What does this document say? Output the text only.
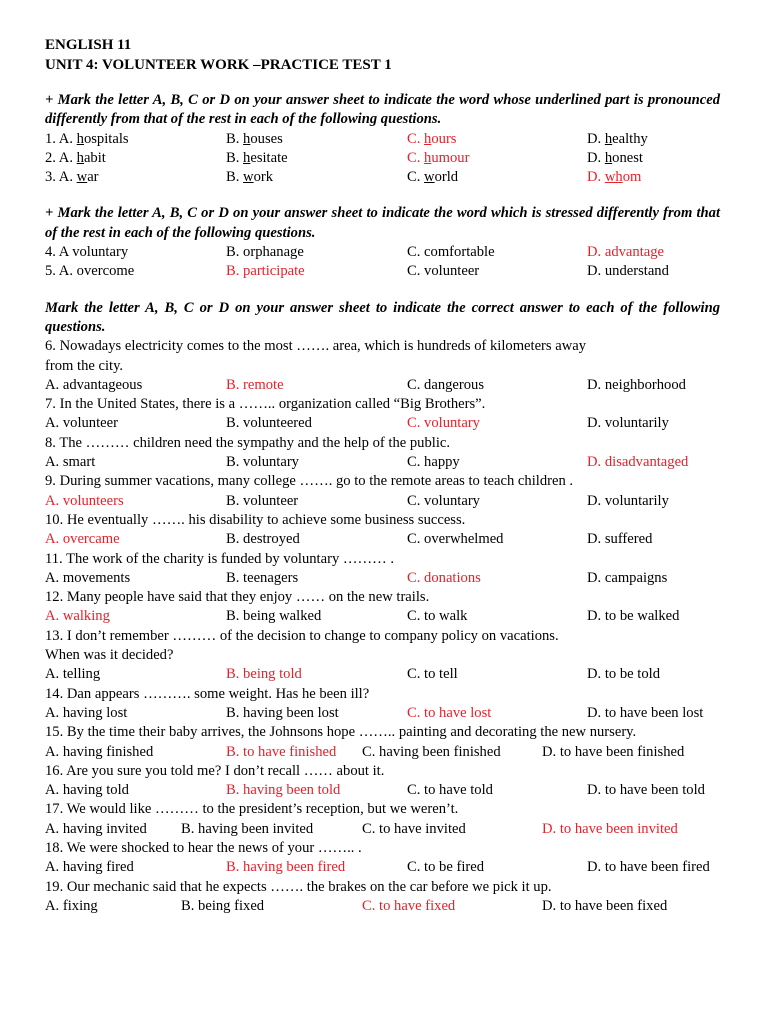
ENGLISH 11
UNIT 4: VOLUNTEER WORK –PRACTICE TEST 1
+ Mark the letter A, B, C or D on your answer sheet to indicate the word whose underlined part is pronounced differently from that of the rest in each of the following questions.
1. A. hospitals	B. houses	C. hours	D. healthy
2. A. habit	B. hesitate	C. humour	D. honest
3. A. war	B. work	C. world	D. whom
+ Mark the letter A, B, C or D on your answer sheet to indicate the word which is stressed differently from that of the rest in each of the following questions.
4. A voluntary	B. orphanage	C. comfortable	D. advantage
5. A. overcome	B. participate	C. volunteer	D. understand
Mark the letter A, B, C or D on your answer sheet to indicate the correct answer to each of the following questions.
6. Nowadays electricity comes to the most ……. area, which is hundreds of kilometers away
from the city.
A. advantageous	B. remote	C. dangerous	D. neighborhood
7. In the United States, there is a …….. organization called “Big Brothers”.
A. volunteer	B. volunteered	C. voluntary	D. voluntarily
8. The ……… children need the sympathy and the help of the public.
A. smart	B. voluntary	C. happy	D. disadvantaged
9. During summer vacations, many college ……. go to the remote areas to teach children .
A. volunteers	B. volunteer	C. voluntary	D. voluntarily
10. He eventually ……. his disability to achieve some business success.
A. overcame	B. destroyed	C. overwhelmed	D. suffered
11. The work of the charity is funded by voluntary ……… .
A. movements	B. teenagers	C. donations	D. campaigns
12. Many people have said that they enjoy …… on the new trails.
A. walking	B. being walked	C. to walk	D. to be walked
13. I don’t remember ……… of the decision to change to company policy on vacations.
When was it decided?
A. telling	B. being told	C. to tell	D. to be told
14. Dan appears ………. some weight. Has he been ill?
A. having lost	B. having been lost	C. to have lost	D. to have been lost
15. By the time their baby arrives, the Johnsons hope …….. painting and decorating the new nursery.
A. having finished	B. to have finished C. having been finished	D. to have been finished
16. Are you sure you told me? I don’t recall …… about it.
A. having told	B. having been told	C. to have told	D. to have been told
17. We would like ……… to the president’s reception, but we weren’t.
A. having invited B. having been invited	C. to have invited	D. to have been invited
18. We were shocked to hear the news of your …….. .
A. having fired	B. having been fired	C. to be fired	D. to have been fired
19. Our mechanic said that he expects ……. the brakes on the car before we pick it up.
A. fixing	B. being fixed	C. to have fixed	D. to have been fixed
